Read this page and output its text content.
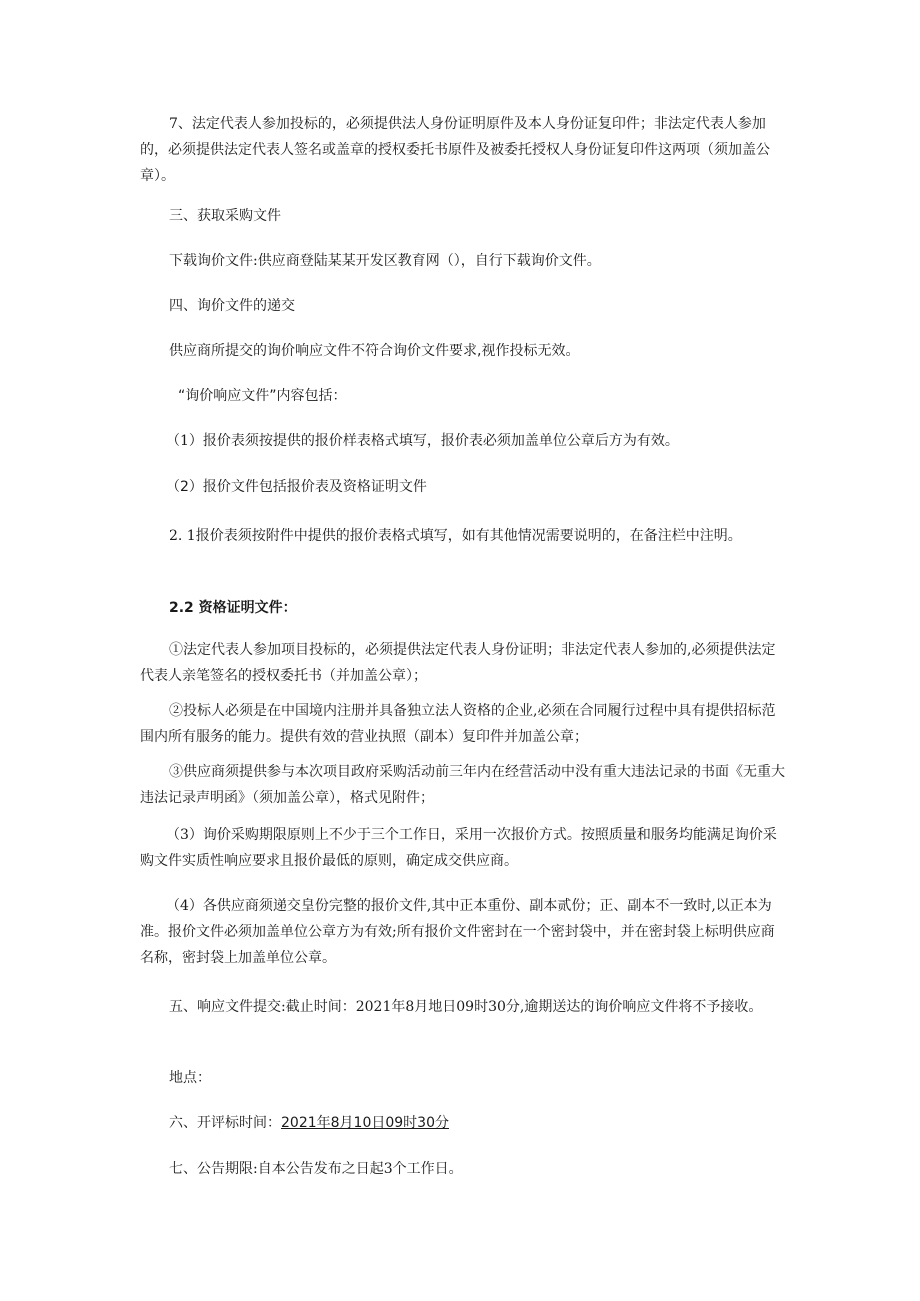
7、法定代表人参加投标的，必须提供法人身份证明原件及本人身份证复印件；非法定代表人参加的，必须提供法定代表人签名或盖章的授权委托书原件及被委托授权人身份证复印件这两项（须加盖公章）。

三、获取采购文件

下载询价文件:供应商登陆某某开发区教育网（），自行下载询价文件。

四、询价文件的递交

供应商所提交的询价响应文件不符合询价文件要求,视作投标无效。

“询价响应文件”内容包括：

（1）报价表须按提供的报价样表格式填写，报价表必须加盖单位公章后方为有效。

（2）报价文件包括报价表及资格证明文件

2. 1报价表须按附件中提供的报价表格式填写，如有其他情况需要说明的，在备注栏中注明。

2.2 资格证明文件：

①法定代表人参加项目投标的，必须提供法定代表人身份证明；非法定代表人参加的,必须提供法定代表人亲笔签名的授权委托书（并加盖公章）；

②投标人必须是在中国境内注册并具备独立法人资格的企业,必须在合同履行过程中具有提供招标范围内所有服务的能力。提供有效的营业执照（副本）复印件并加盖公章；

③供应商须提供参与本次项目政府采购活动前三年内在经营活动中没有重大违法记录的书面《无重大违法记录声明函》（须加盖公章），格式见附件；

（3）询价采购期限原则上不少于三个工作日，采用一次报价方式。按照质量和服务均能满足询价采购文件实质性响应要求且报价最低的原则，确定成交供应商。

（4）各供应商须递交皇份完整的报价文件,其中正本重份、副本贰份；正、副本不一致时,以正本为准。报价文件必须加盖单位公章方为有效;所有报价文件密封在一个密封袋中，并在密封袋上标明供应商名称，密封袋上加盖单位公章。

五、响应文件提交:截止时间：2021年8月地日09时30分,逾期送达的询价响应文件将不予接收。

地点：

六、开评标时间：2021年8月10日09时30分

七、公告期限:自本公告发布之日起3个工作日。
